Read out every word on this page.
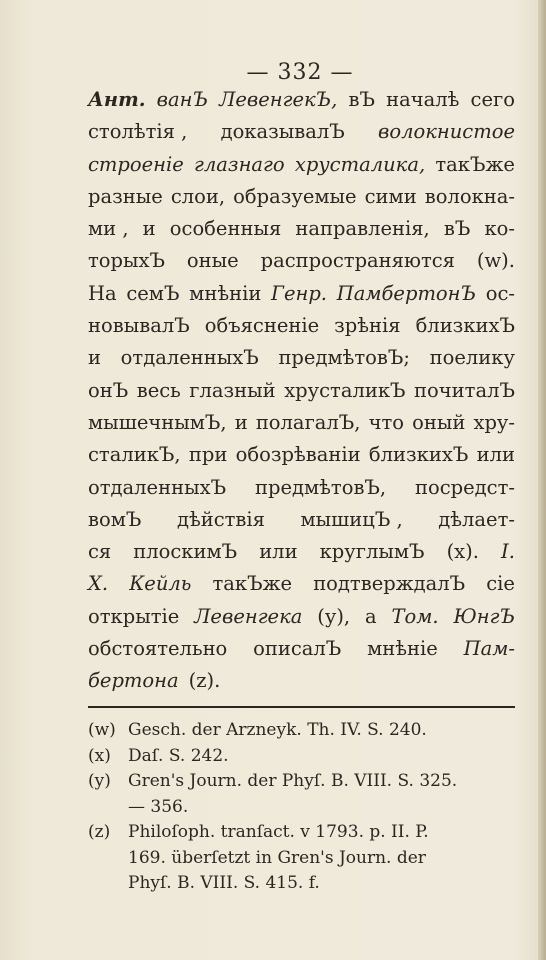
— 332 —
Ант. ванЪ ЛевенгекЪ, вЪ началѣ сего
столѣтія , доказывалЪ волокнистое
строеніе глазнаго хрусталика, такЪже
разные слои, образуемые сими волокна-
ми , и особенныя направленія, вЪ ко-
торыхЪ оные распространяются (w).
На семЪ мнѣніи Генр. ПамбертонЪ ос-
новывалЪ объясненіе зрѣнія близкихЪ
и отдаленныхЪ предмѣтовЪ; поелику
онЪ весь глазный хрусталикЪ почиталЪ
мышечнымЪ, и полагалЪ, что оный хру-
сталикЪ, при обозрѣваніи близкихЪ или
отдаленныхЪ предмѣтовЪ, посредст-
вомЪ дѣйствія мышицЪ , дѣлает-
ся плоскимЪ или круглымЪ (x). I.
X. Кейль такЪже подтверждалЪ сіе
открытіе Левенгека (у), а Том. ЮнгЪ
обстоятельно описалЪ мнѣніе Пам-
бертона (z).
(w) Gesch. der Arzneyk. Th. IV. S. 240.
(x)	Daſ. S. 242.
(y)	Gren's Journ. der Phyſ. B. VIII. S. 325.
— 356.
(z)	Philoſoph. tranſact. v 1793. p. II. P.
169. überſetzt in Gren's Journ. der
Phyſ. B. VIII. S. 415. f.
